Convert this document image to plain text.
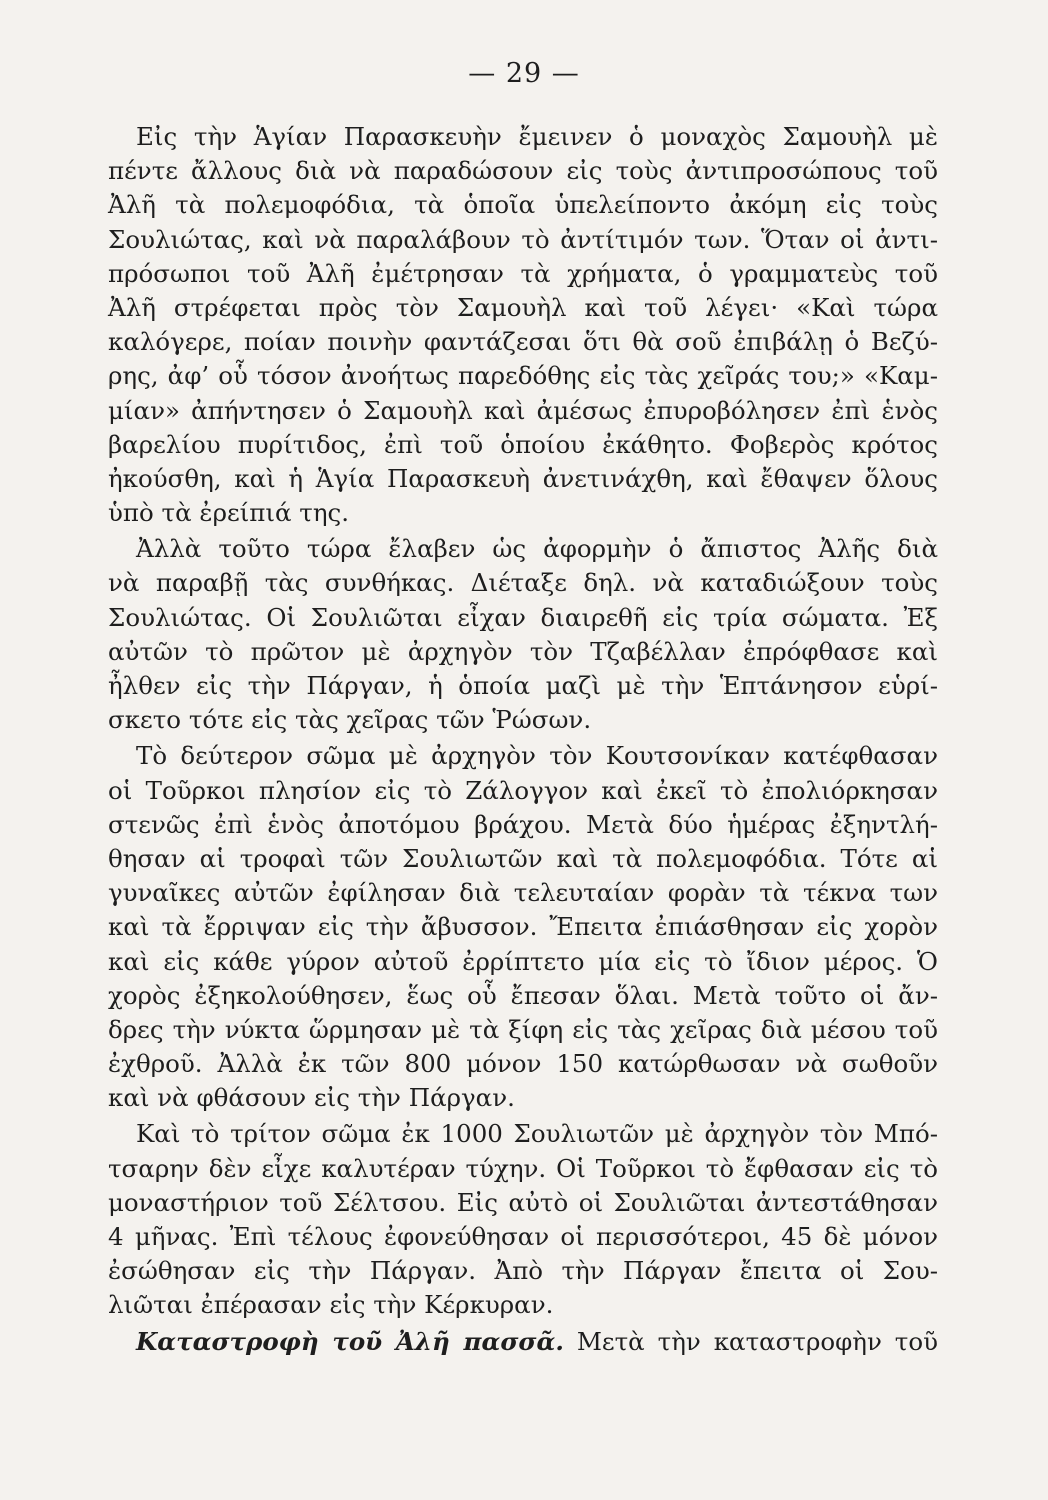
— 29 —
Εἰς τὴν Ἁγίαν Παρασκευὴν ἔμεινεν ὁ μοναχὸς Σαμουὴλ μὲ
πέντε ἄλλους διὰ νὰ παραδώσουν εἰς τοὺς ἀντιπροσώπους τοῦ
Ἀλῆ τὰ πολεμοφόδια, τὰ ὁποῖα ὑπελείποντο ἀκόμη εἰς τοὺς
Σουλιώτας, καὶ νὰ παραλάβουν τὸ ἀντίτιμόν των. Ὅταν οἱ ἀντι-
πρόσωποι τοῦ Ἀλῆ ἐμέτρησαν τὰ χρήματα, ὁ γραμματεὺς τοῦ
Ἀλῆ στρέφεται πρὸς τὸν Σαμουὴλ καὶ τοῦ λέγει· «Καὶ τώρα
καλόγερε, ποίαν ποινὴν φαντάζεσαι ὅτι θὰ σοῦ ἐπιβάλῃ ὁ Βεζύ-
ρης, ἀφ’ οὗ τόσον ἀνοήτως παρεδόθης εἰς τὰς χεῖράς του;» «Καμ-
μίαν» ἀπήντησεν ὁ Σαμουὴλ καὶ ἀμέσως ἐπυροβόλησεν ἐπὶ ἑνὸς
βαρελίου πυρίτιδος, ἐπὶ τοῦ ὁποίου ἐκάθητο. Φοβερὸς κρότος
ἠκούσθη, καὶ ἡ Ἁγία Παρασκευὴ ἀνετινάχθη, καὶ ἔθαψεν ὅλους
ὑπὸ τὰ ἐρείπιά της.
Ἀλλὰ τοῦτο τώρα ἔλαβεν ὡς ἀφορμὴν ὁ ἄπιστος Ἀλῆς διὰ
νὰ παραβῇ τὰς συνθήκας. Διέταξε δηλ. νὰ καταδιώξουν τοὺς
Σουλιώτας. Οἱ Σουλιῶται εἶχαν διαιρεθῆ εἰς τρία σώματα. Ἐξ
αὐτῶν τὸ πρῶτον μὲ ἀρχηγὸν τὸν Τζαβέλλαν ἐπρόφθασε καὶ
ἦλθεν εἰς τὴν Πάργαν, ἡ ὁποία μαζὶ μὲ τὴν Ἑπτάνησον εὑρί-
σκετο τότε εἰς τὰς χεῖρας τῶν Ῥώσων.
Τὸ δεύτερον σῶμα μὲ ἀρχηγὸν τὸν Κουτσονίκαν κατέφθασαν
οἱ Τοῦρκοι πλησίον εἰς τὸ Ζάλογγον καὶ ἐκεῖ τὸ ἐπολιόρκησαν
στενῶς ἐπὶ ἑνὸς ἀποτόμου βράχου. Μετὰ δύο ἡμέρας ἐξηντλή-
θησαν αἱ τροφαὶ τῶν Σουλιωτῶν καὶ τὰ πολεμοφόδια. Τότε αἱ
γυναῖκες αὐτῶν ἐφίλησαν διὰ τελευταίαν φορὰν τὰ τέκνα των
καὶ τὰ ἔρριψαν εἰς τὴν ἄβυσσον. Ἔπειτα ἐπιάσθησαν εἰς χορὸν
καὶ εἰς κάθε γύρον αὐτοῦ ἐρρίπτετο μία εἰς τὸ ἴδιον μέρος. Ὁ
χορὸς ἐξηκολούθησεν, ἕως οὗ ἔπεσαν ὅλαι. Μετὰ τοῦτο οἱ ἄν-
δρες τὴν νύκτα ὥρμησαν μὲ τὰ ξίφη εἰς τὰς χεῖρας διὰ μέσου τοῦ
ἐχθροῦ. Ἀλλὰ ἐκ τῶν 800 μόνον 150 κατώρθωσαν νὰ σωθοῦν
καὶ νὰ φθάσουν εἰς τὴν Πάργαν.
Καὶ τὸ τρίτον σῶμα ἐκ 1000 Σουλιωτῶν μὲ ἀρχηγὸν τὸν Μπό-
τσαρην δὲν εἶχε καλυτέραν τύχην. Οἱ Τοῦρκοι τὸ ἔφθασαν εἰς τὸ
μοναστήριον τοῦ Σέλτσου. Εἰς αὐτὸ οἱ Σουλιῶται ἀντεστάθησαν
4 μῆνας. Ἐπὶ τέλους ἐφονεύθησαν οἱ περισσότεροι, 45 δὲ μόνον
ἐσώθησαν εἰς τὴν Πάργαν. Ἀπὸ τὴν Πάργαν ἔπειτα οἱ Σου-
λιῶται ἐπέρασαν εἰς τὴν Κέρκυραν.
Καταστροφὴ τοῦ Ἀλῆ πασσᾶ. Μετὰ τὴν καταστροφὴν τοῦ
